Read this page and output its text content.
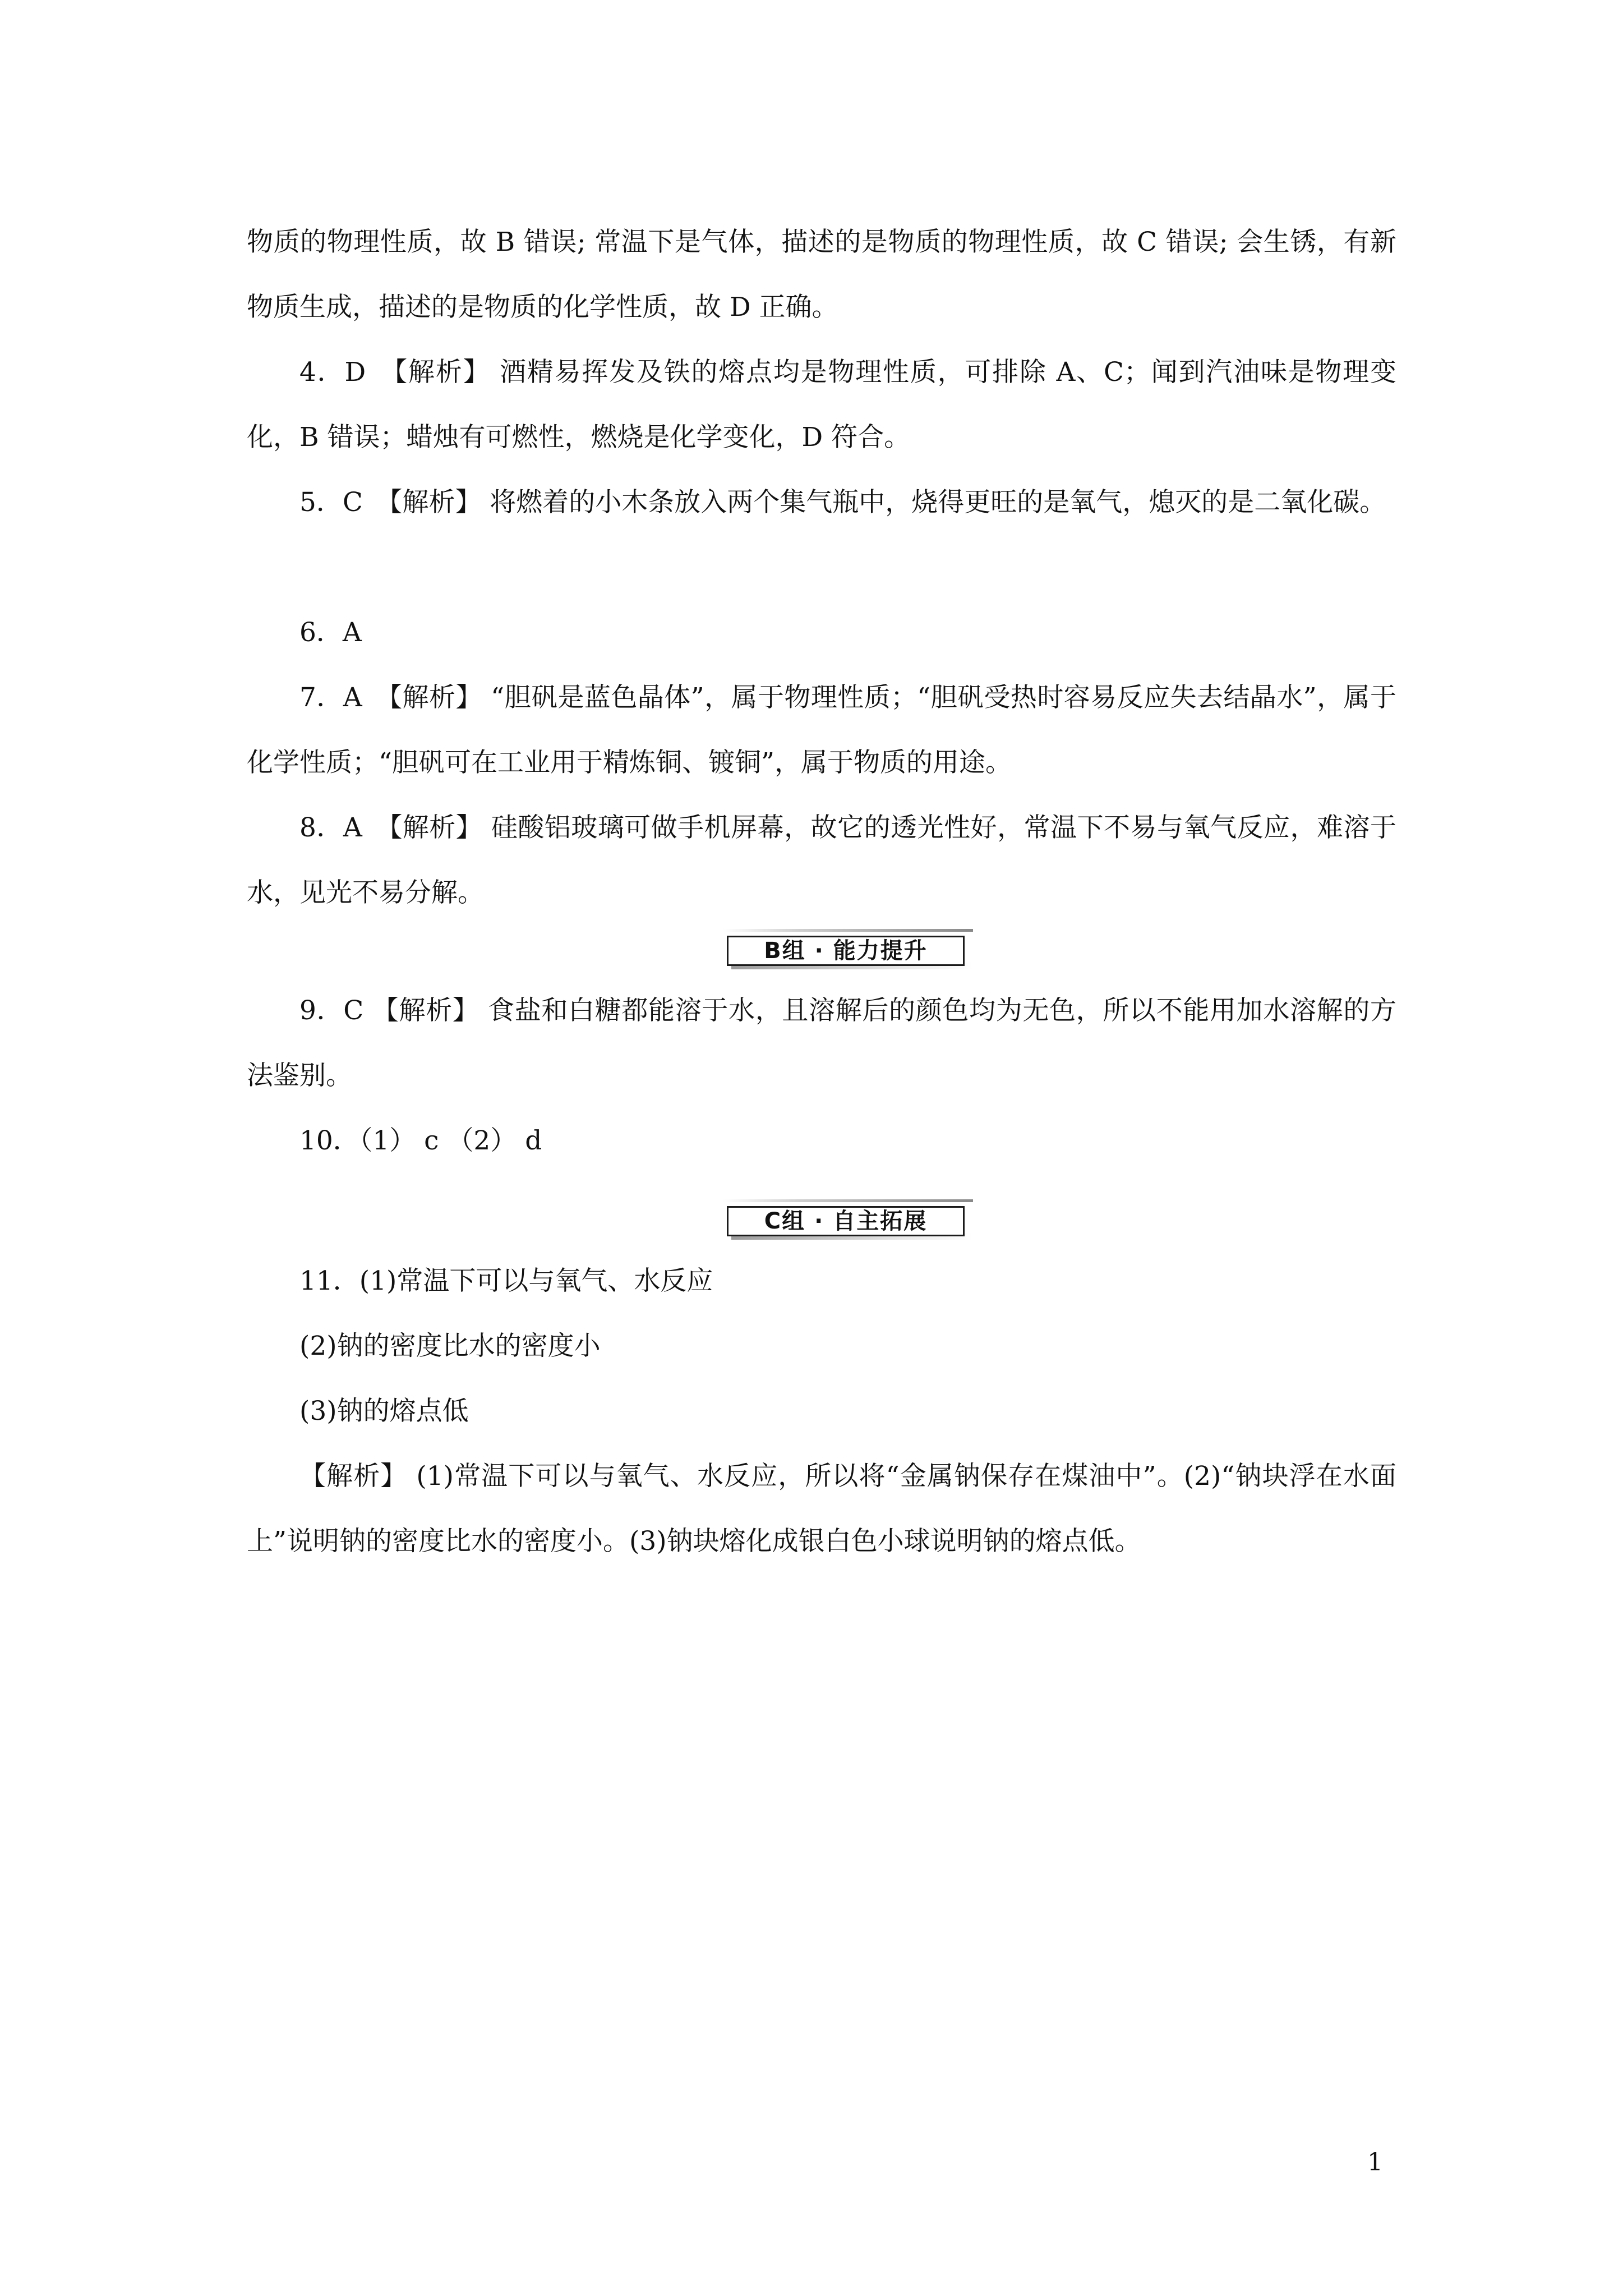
物质的物理性质，故 B 错误; 常温下是气体，描述的是物质的物理性质，故 C 错误; 会生锈，有新物质生成，描述的是物质的化学性质，故 D 正确。

4．D　【解析】 酒精易挥发及铁的熔点均是物理性质，可排除 A、C；闻到汽油味是物理变化，B 错误；蜡烛有可燃性，燃烧是化学变化，D 符合。

5．C　【解析】 将燃着的小木条放入两个集气瓶中，烧得更旺的是氧气，熄灭的是二氧化碳。

6．A

7．A　【解析】 “胆矾是蓝色晶体”，属于物理性质；“胆矾受热时容易反应失去结晶水”，属于化学性质；“胆矾可在工业用于精炼铜、镀铜”，属于物质的用途。

8．A　【解析】 硅酸铝玻璃可做手机屏幕，故它的透光性好，常温下不易与氧气反应，难溶于水，见光不易分解。

B组 · 能力提升

9．C 【解析】 食盐和白糖都能溶于水，且溶解后的颜色均为无色，所以不能用加水溶解的方法鉴别。

10．（1） c （2） d

C组 · 自主拓展

11．(1)常温下可以与氧气、水反应

(2)钠的密度比水的密度小

(3)钠的熔点低

【解析】 (1)常温下可以与氧气、水反应，所以将“金属钠保存在煤油中”。(2)“钠块浮在水面上”说明钠的密度比水的密度小。(3)钠块熔化成银白色小球说明钠的熔点低。

1
